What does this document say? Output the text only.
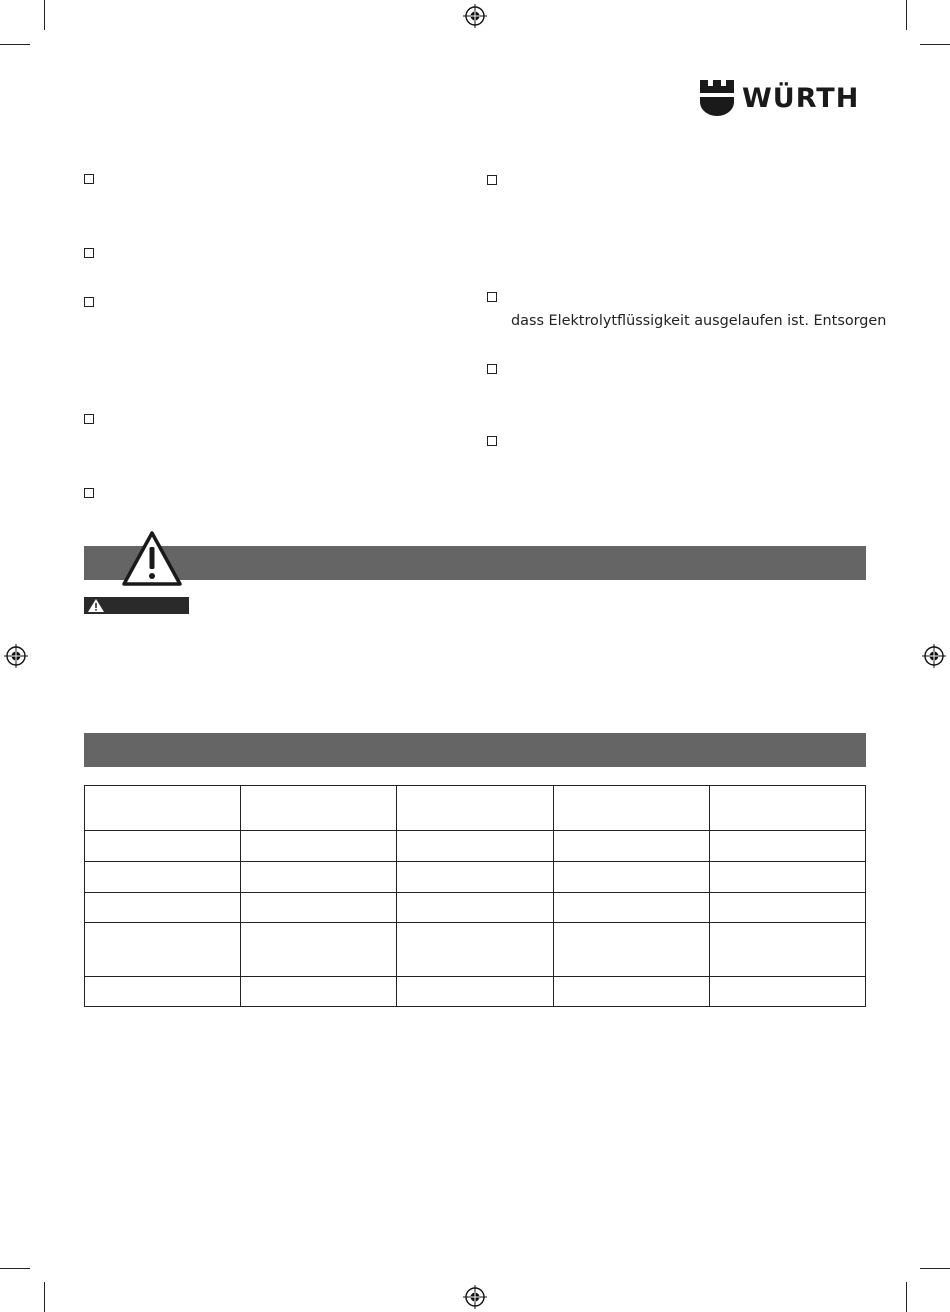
WÜRTH
dass Elektrolytflüssigkeit ausgelaufen ist. Entsorgen
